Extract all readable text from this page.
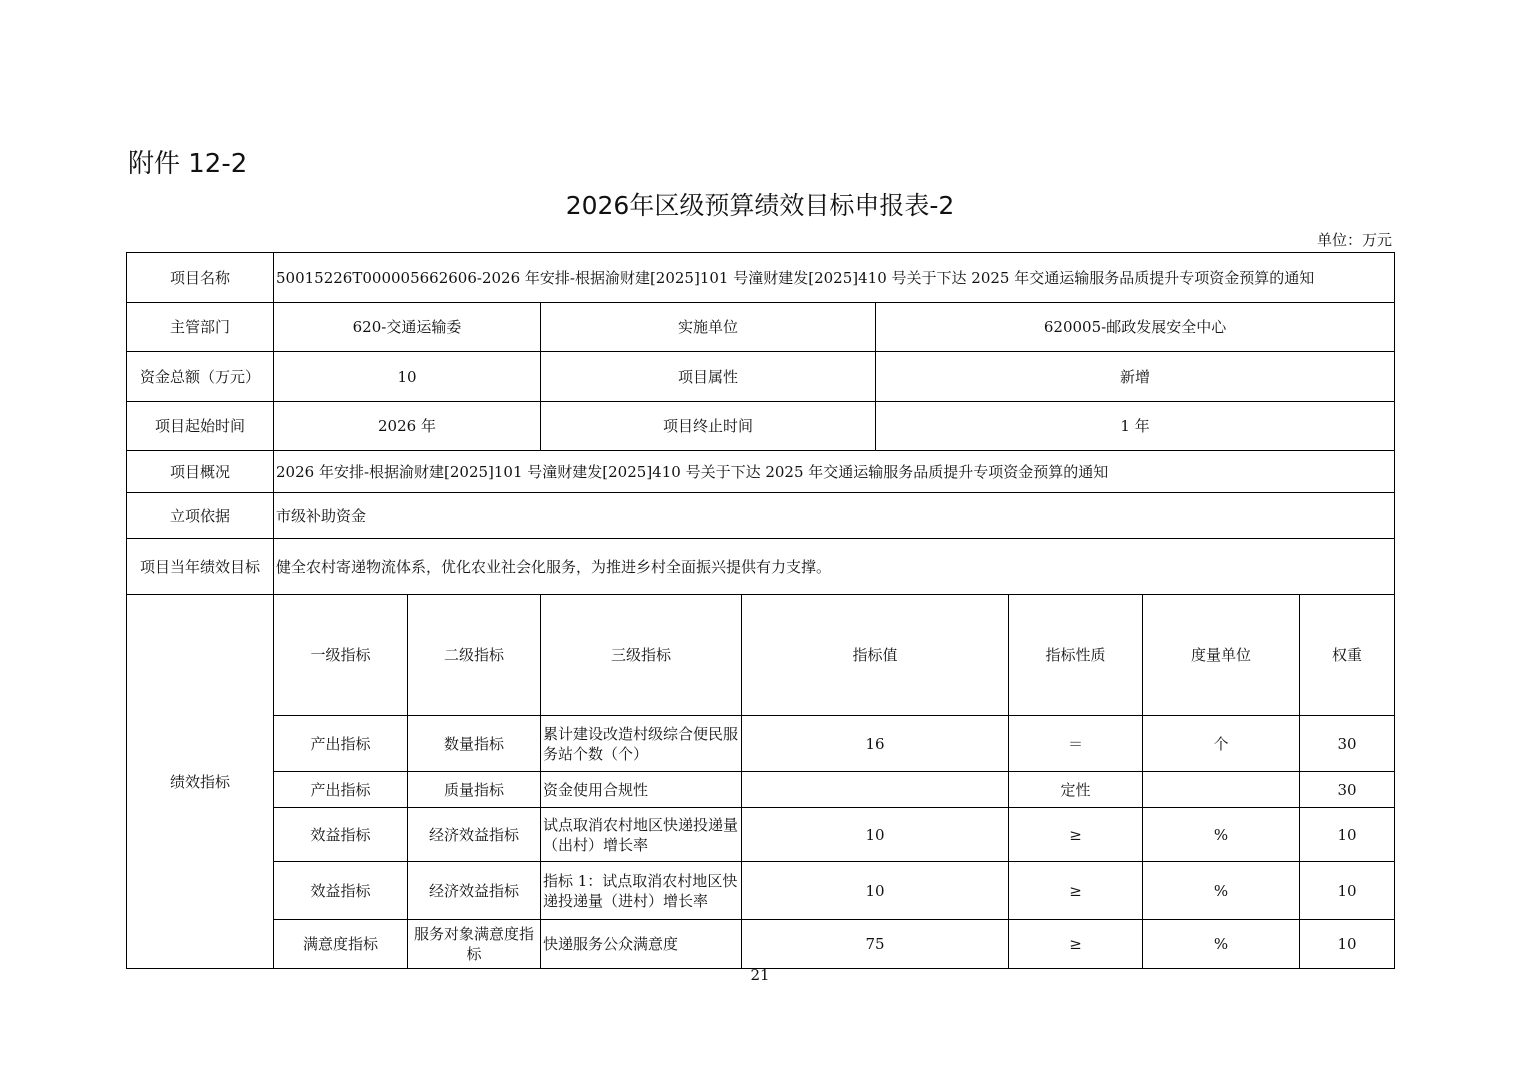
附件 12-2
2026年区级预算绩效目标申报表-2
单位：万元
项目名称	50015226T000005662606-2026 年安排-根据渝财建[2025]101 号潼财建发[2025]410 号关于下达 2025 年交通运输服务品质提升专项资金预算的通知								
主管部门	620-交通运输委		实施单位		620005-邮政发展安全中心				
资金总额（万元）	10		项目属性		新增				
项目起始时间	2026 年		项目终止时间		1 年				
项目概况	2026 年安排-根据渝财建[2025]101 号潼财建发[2025]410 号关于下达 2025 年交通运输服务品质提升专项资金预算的通知								
立项依据	市级补助资金								
项目当年绩效目标	健全农村寄递物流体系，优化农业社会化服务，为推进乡村全面振兴提供有力支撑。								
绩效指标	一级指标	二级指标	三级指标	指标值		指标性质	度量单位	权重	
	产出指标	数量指标	累计建设改造村级综合便民服务站个数（个）	16		＝	个	30	
	产出指标	质量指标	资金使用合规性			定性		30	
	效益指标	经济效益指标	试点取消农村地区快递投递量（出村）增长率	10		≥	%	10	
	效益指标	经济效益指标	指标 1：试点取消农村地区快递投递量（进村）增长率	10		≥	%	10	
	满意度指标	服务对象满意度指标	快递服务公众满意度	75		≥	%	10	
21
